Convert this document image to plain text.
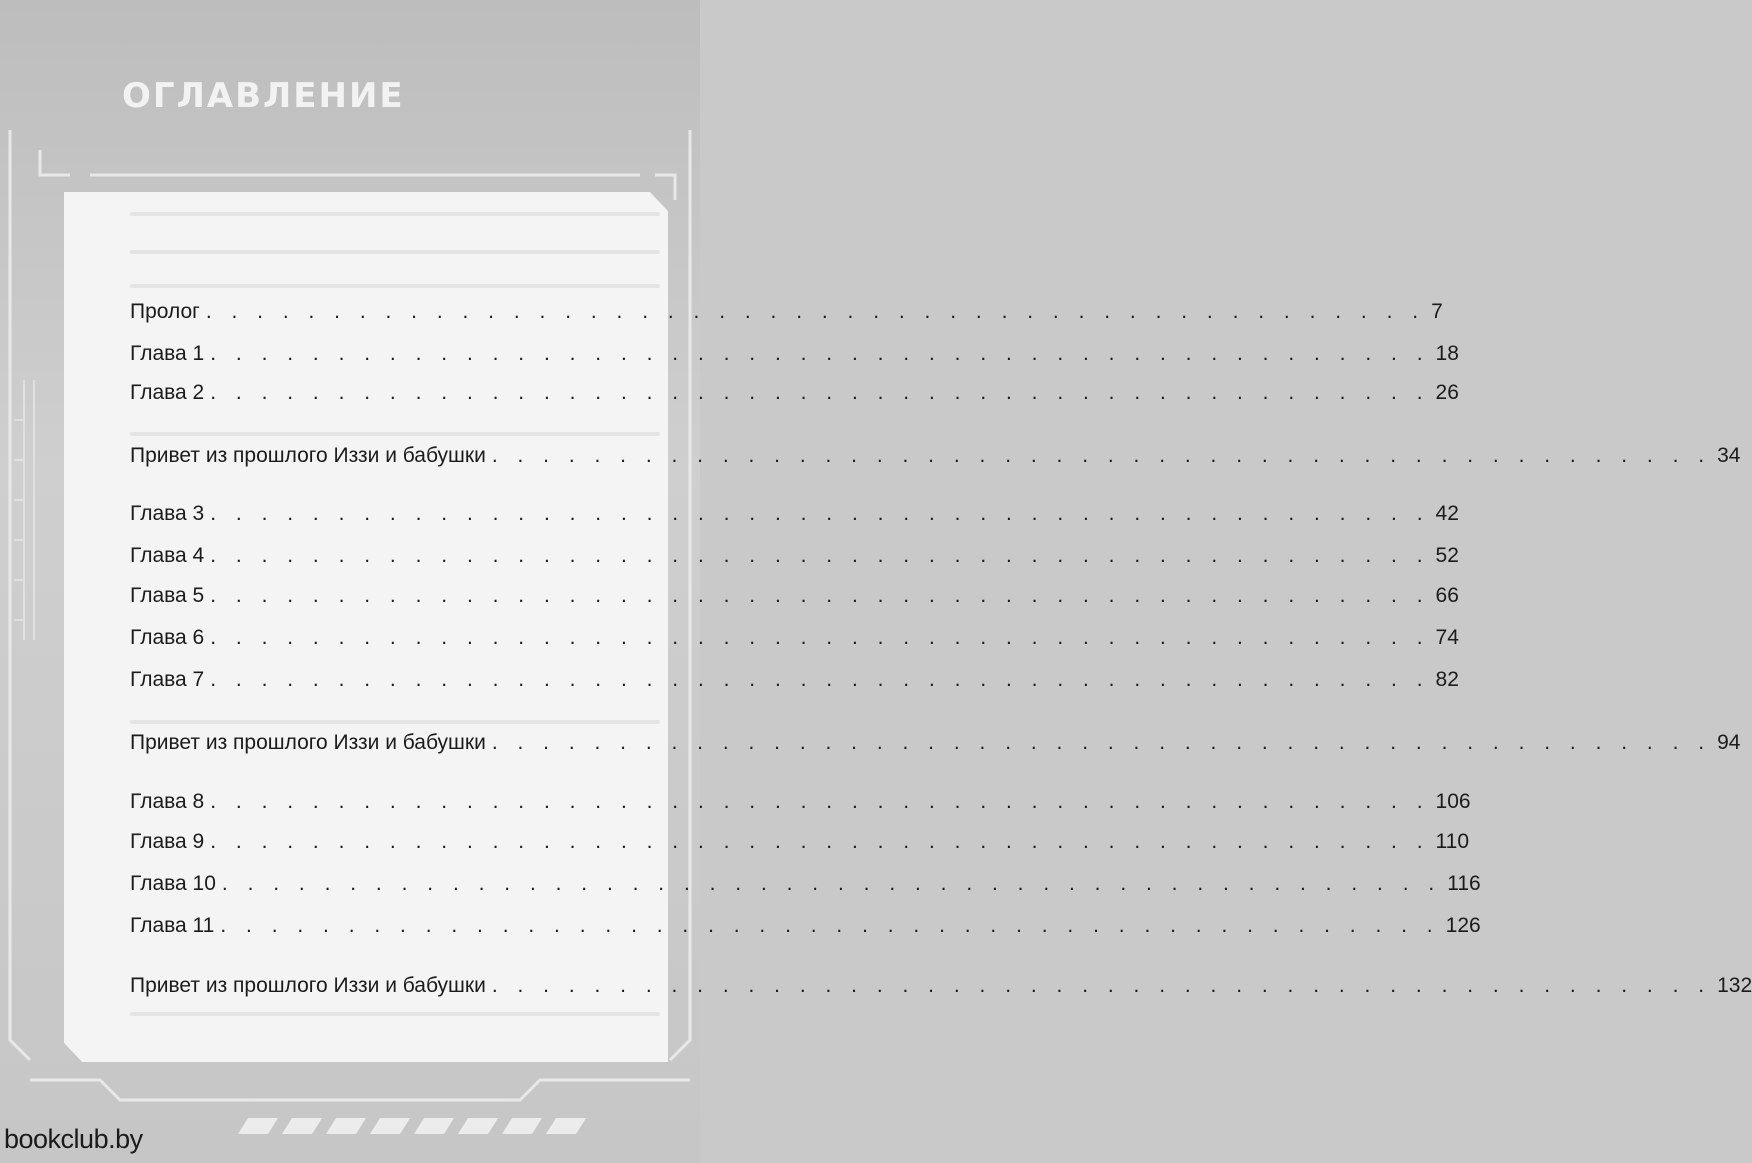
ОГЛАВЛЕНИЕ
Пролог . . . . . . . . . . . . . . . . . . . . . . . . . . . . . . . . . . . . . . . . . . . . . . . . 7
Глава 1 . . . . . . . . . . . . . . . . . . . . . . . . . . . . . . . . . . . . . . . . . . . . . . . . 18
Глава 2 . . . . . . . . . . . . . . . . . . . . . . . . . . . . . . . . . . . . . . . . . . . . . . . . 26
Привет из прошлого Иззи и бабушки . . . . . . . . . . . . . . . . . . . . . . . . . . . . . . . . . . . . . . . . . . . . . . . . 34
Глава 3 . . . . . . . . . . . . . . . . . . . . . . . . . . . . . . . . . . . . . . . . . . . . . . . . 42
Глава 4 . . . . . . . . . . . . . . . . . . . . . . . . . . . . . . . . . . . . . . . . . . . . . . . . 52
Глава 5 . . . . . . . . . . . . . . . . . . . . . . . . . . . . . . . . . . . . . . . . . . . . . . . . 66
Глава 6 . . . . . . . . . . . . . . . . . . . . . . . . . . . . . . . . . . . . . . . . . . . . . . . . 74
Глава 7 . . . . . . . . . . . . . . . . . . . . . . . . . . . . . . . . . . . . . . . . . . . . . . . . 82
Привет из прошлого Иззи и бабушки . . . . . . . . . . . . . . . . . . . . . . . . . . . . . . . . . . . . . . . . . . . . . . . . 94
Глава 8 . . . . . . . . . . . . . . . . . . . . . . . . . . . . . . . . . . . . . . . . . . . . . . . . 106
Глава 9 . . . . . . . . . . . . . . . . . . . . . . . . . . . . . . . . . . . . . . . . . . . . . . . . 110
Глава 10 . . . . . . . . . . . . . . . . . . . . . . . . . . . . . . . . . . . . . . . . . . . . . . . . 116
Глава 11 . . . . . . . . . . . . . . . . . . . . . . . . . . . . . . . . . . . . . . . . . . . . . . . . 126
Привет из прошлого Иззи и бабушки . . . . . . . . . . . . . . . . . . . . . . . . . . . . . . . . . . . . . . . . . . . . . . . . 132
bookclub.by
